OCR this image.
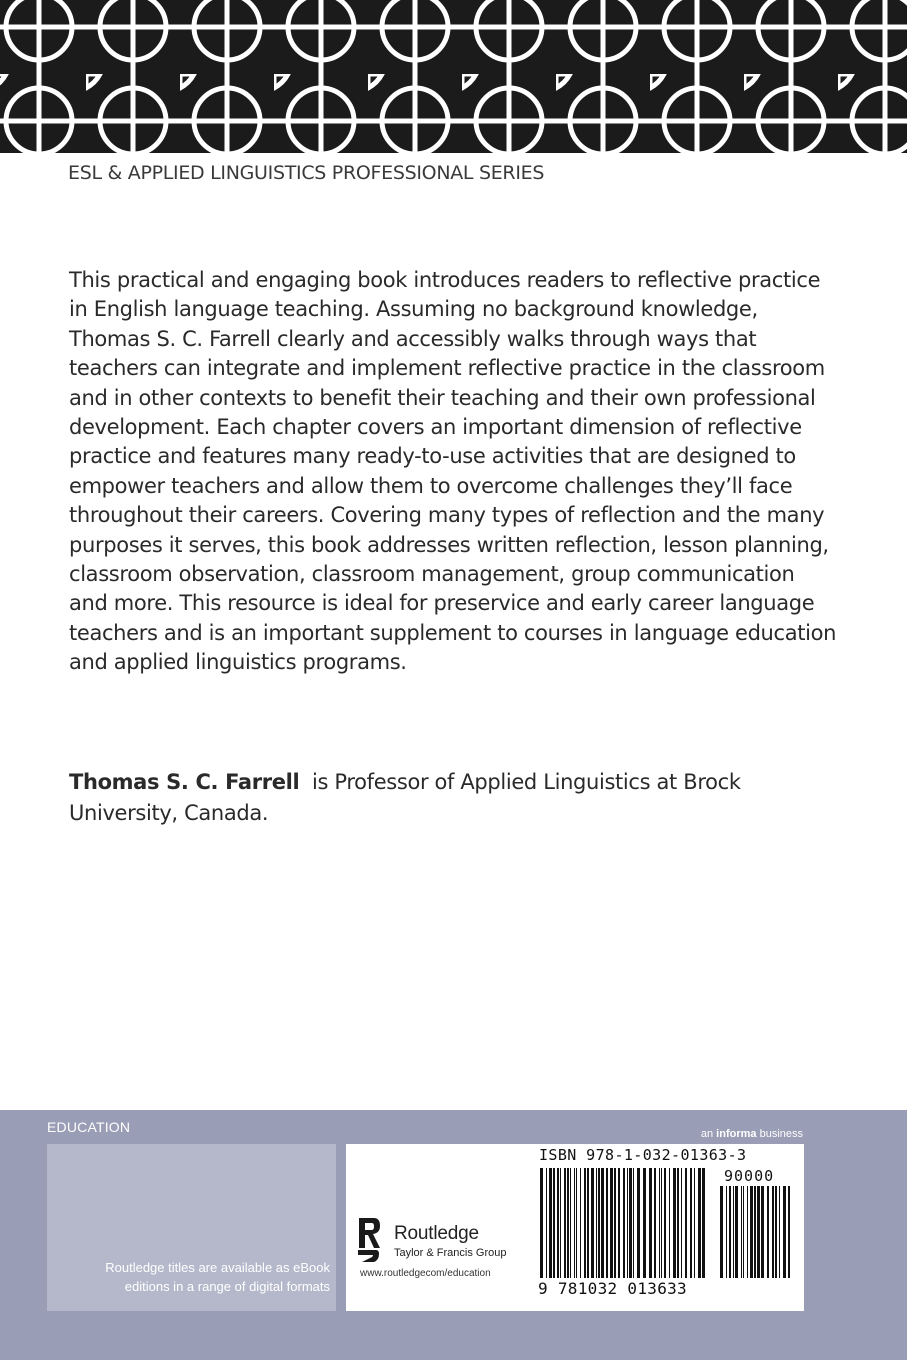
ESL & APPLIED LINGUISTICS PROFESSIONAL SERIES

This practical and engaging book introduces readers to reflective practice in English language teaching. Assuming no background knowledge, Thomas S. C. Farrell clearly and accessibly walks through ways that teachers can integrate and implement reflective practice in the classroom and in other contexts to benefit their teaching and their own professional development. Each chapter covers an important dimension of reflective practice and features many ready-to-use activities that are designed to empower teachers and allow them to overcome challenges they’ll face throughout their careers. Covering many types of reflection and the many purposes it serves, this book addresses written reflection, lesson planning, classroom observation, classroom management, group communication and more. This resource is ideal for preservice and early career language teachers and is an important supplement to courses in language education and applied linguistics programs.

Thomas S. C. Farrell is Professor of Applied Linguistics at Brock University, Canada.

EDUCATION	an informa business
Routledge titles are available as eBook editions in a range of digital formats
Routledge
Taylor & Francis Group
www.routledgecom/education
ISBN 978-1-032-01363-3
90000
9 781032 013633
